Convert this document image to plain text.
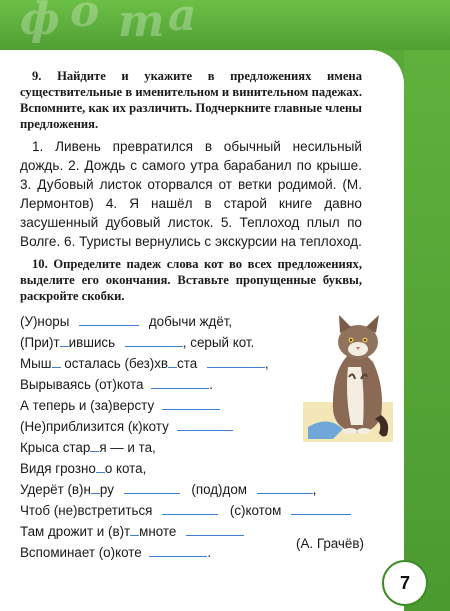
ф о т а
9. Найдите и укажите в предложениях имена существительные в именительном и винительном падежах. Вспомните, как их различить. Подчеркните главные члены предложения.

1. Ливень превратился в обычный несильный дождь. 2. Дождь с самого утра барабанил по крыше. 3. Дубовый листок оторвался от ветки родимой. (М. Лермонтов) 4. Я нашёл в старой книге давно засушенный дубовый листок. 5. Теплоход плыл по Волге. 6. Туристы вернулись с экскурсии на теплоход.

10. Определите падеж слова кот во всех предложениях, выделите его окончания. Вставьте пропущенные буквы, раскройте скобки.
(У)норы	добычи ждёт,
(При)т ившись	, серый кот.
Мыш осталась (без)хв ста	,
Вырываясь (от)кота	.
А теперь и (за)версту
(Не)приблизится (к)коту
Крыса стар я — и та,
Видя грозно о кота,
Удерёт (в)н ру	(под)дом	,
Чтоб (не)встретиться	(с)котом
Там дрожит и (в)т мноте
Вспоминает (о)коте	.
(А. Грачёв)
7
